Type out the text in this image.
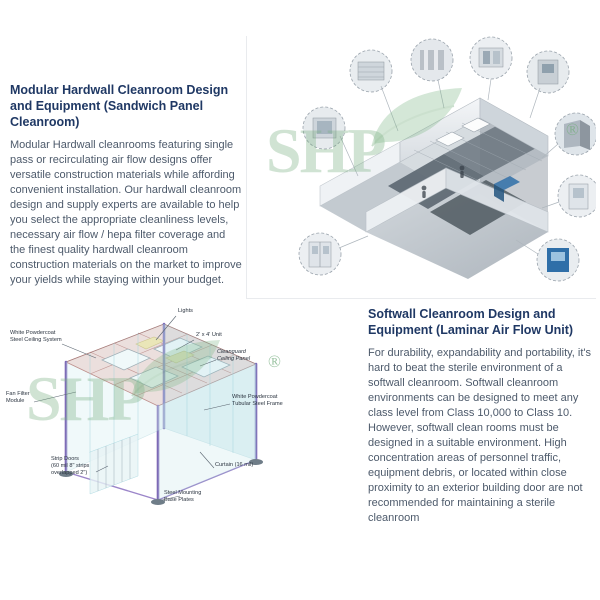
SHP	®
Lights
2' x 4' Unit
White Powdercoat
Steel Ceiling System
Cleanguard
Ceiling Panel
Fan Filter
Module
White Powdercoat
Tubular Steel Frame
Curtain (16 mil)
Strip Doors
(60 mil 8" strips
overlapped 2")
Steel Mounting
Base Plates
SHP
®
Modular Hardwall Cleanroom Design and Equipment (Sandwich Panel Cleanroom)

Modular Hardwall cleanrooms featuring single pass or recirculating air flow designs offer versatile construction materials while affording convenient installation. Our hardwall cleanroom design and supply experts are available to help you select the appropriate cleanliness levels, necessary air flow / hepa filter coverage and the finest quality hardwall cleanroom construction materials on the market to improve your yields while staying within your budget.

Softwall Cleanroom Design and Equipment (Laminar Air Flow Unit)

For durability, expandability and portability, it's hard to beat the sterile environment of a softwall cleanroom. Softwall cleanroom environments can be designed to meet any class level from Class 10,000 to Class 10. However, softwall clean rooms must be designed in a suitable environment. High concentration areas of personnel traffic, equipment debris, or located within close proximity to an exterior building door are not recommended for maintaining a sterile cleanroom
